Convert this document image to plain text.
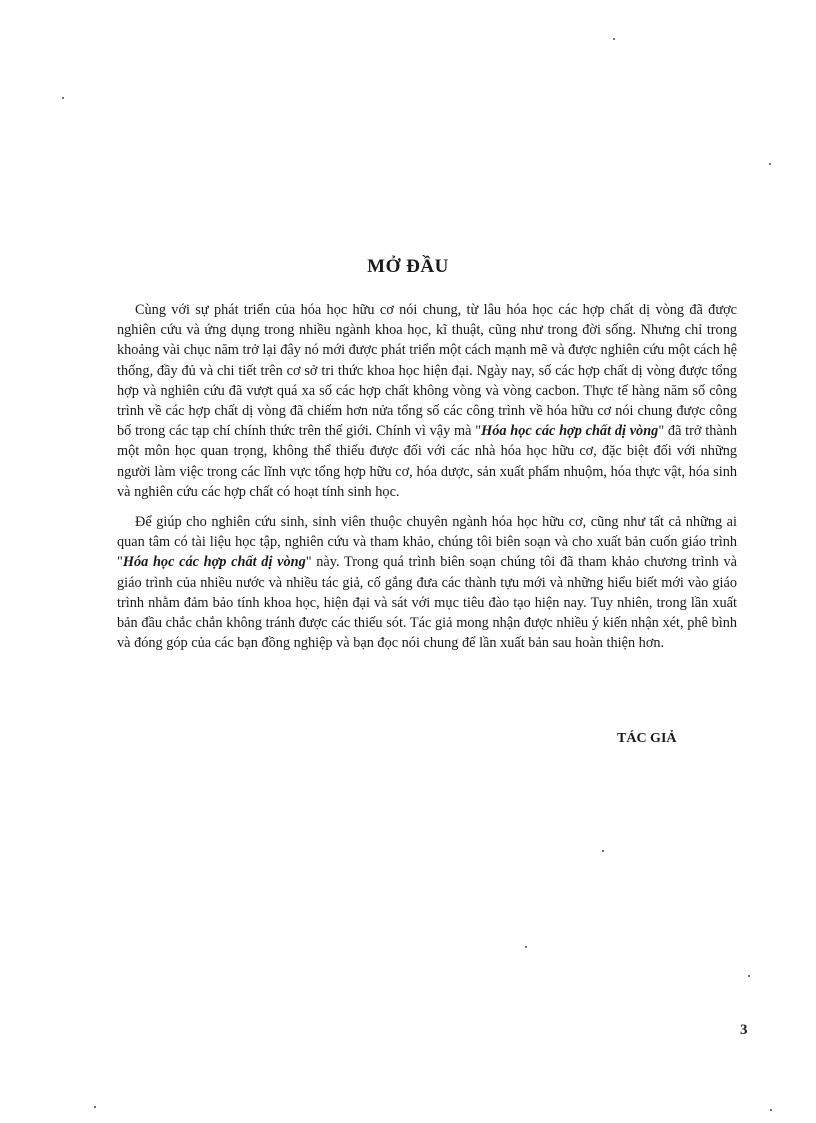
MỞ ĐẦU

Cùng với sự phát triển của hóa học hữu cơ nói chung, từ lâu hóa học các hợp chất dị vòng đã được nghiên cứu và ứng dụng trong nhiều ngành khoa học, kĩ thuật, cũng như trong đời sống. Nhưng chỉ trong khoảng vài chục năm trở lại đây nó mới được phát triển một cách mạnh mẽ và được nghiên cứu một cách hệ thống, đầy đủ và chi tiết trên cơ sở tri thức khoa học hiện đại. Ngày nay, số các hợp chất dị vòng được tổng hợp và nghiên cứu đã vượt quá xa số các hợp chất không vòng và vòng cacbon. Thực tế hàng năm số công trình về các hợp chất dị vòng đã chiếm hơn nửa tổng số các công trình về hóa hữu cơ nói chung được công bố trong các tạp chí chính thức trên thế giới. Chính vì vậy mà "Hóa học các hợp chất dị vòng" đã trở thành một môn học quan trọng, không thể thiếu được đối với các nhà hóa học hữu cơ, đặc biệt đối với những người làm việc trong các lĩnh vực tổng hợp hữu cơ, hóa dược, sản xuất phẩm nhuộm, hóa thực vật, hóa sinh và nghiên cứu các hợp chất có hoạt tính sinh học.

Để giúp cho nghiên cứu sinh, sinh viên thuộc chuyên ngành hóa học hữu cơ, cũng như tất cả những ai quan tâm có tài liệu học tập, nghiên cứu và tham khảo, chúng tôi biên soạn và cho xuất bản cuốn giáo trình "Hóa học các hợp chất dị vòng" này. Trong quá trình biên soạn chúng tôi đã tham khảo chương trình và giáo trình của nhiều nước và nhiều tác giả, cố gắng đưa các thành tựu mới và những hiểu biết mới vào giáo trình nhằm đảm bảo tính khoa học, hiện đại và sát với mục tiêu đào tạo hiện nay. Tuy nhiên, trong lần xuất bản đầu chắc chắn không tránh được các thiếu sót. Tác giả mong nhận được nhiều ý kiến nhận xét, phê bình và đóng góp của các bạn đồng nghiệp và bạn đọc nói chung để lần xuất bản sau hoàn thiện hơn.

TÁC GIẢ
3
